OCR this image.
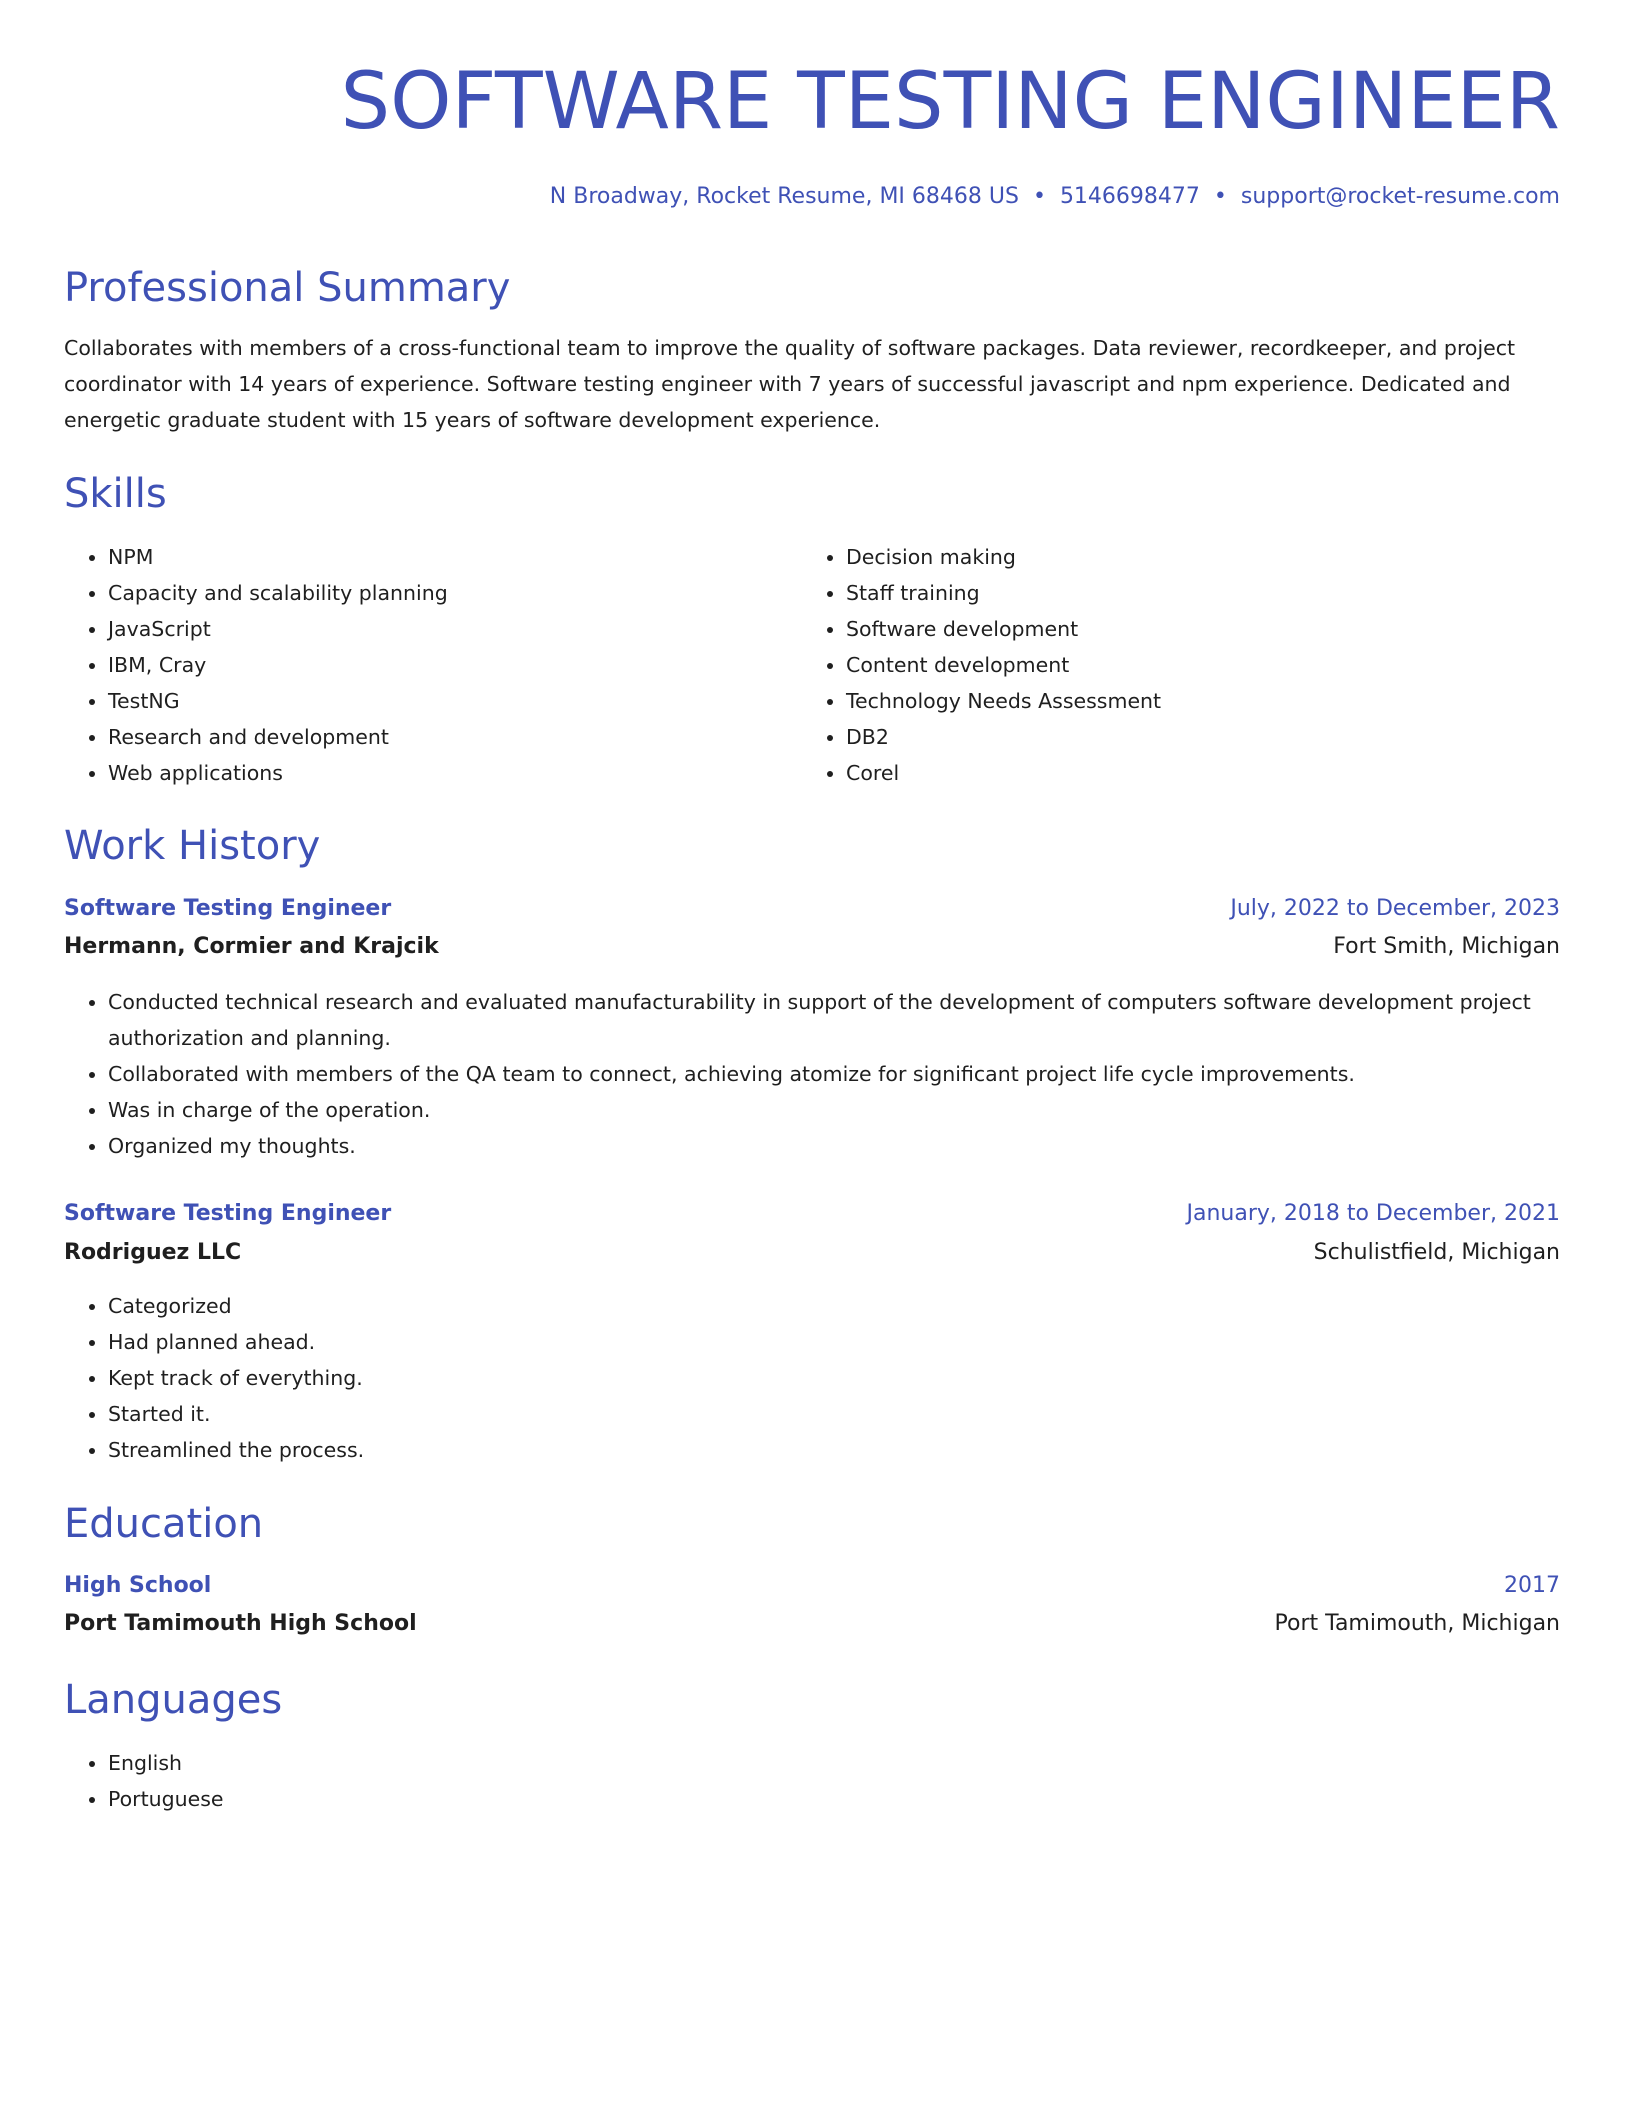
SOFTWARE TESTING ENGINEER
N Broadway, Rocket Resume, MI 68468 US • 5146698477 • support@rocket-resume.com
Professional Summary

Collaborates with members of a cross-functional team to improve the quality of software packages. Data reviewer, recordkeeper, and project coordinator with 14 years of experience. Software testing engineer with 7 years of successful javascript and npm experience. Dedicated and energetic graduate student with 15 years of software development experience.

Skills
• NPM
• Capacity and scalability planning
• JavaScript
• IBM, Cray
• TestNG
• Research and development
• Web applications
• Decision making
• Staff training
• Software development
• Content development
• Technology Needs Assessment
• DB2
• Corel
Work History
Software Testing Engineer	July, 2022 to December, 2023
Hermann, Cormier and Krajcik	Fort Smith, Michigan
• Conducted technical research and evaluated manufacturability in support of the development of computers software development project authorization and planning.
• Collaborated with members of the QA team to connect, achieving atomize for significant project life cycle improvements.
• Was in charge of the operation.
• Organized my thoughts.
Software Testing Engineer	January, 2018 to December, 2021
Rodriguez LLC	Schulistfield, Michigan
• Categorized
• Had planned ahead.
• Kept track of everything.
• Started it.
• Streamlined the process.
Education
High School	2017
Port Tamimouth High School	Port Tamimouth, Michigan
Languages
• English
• Portuguese
